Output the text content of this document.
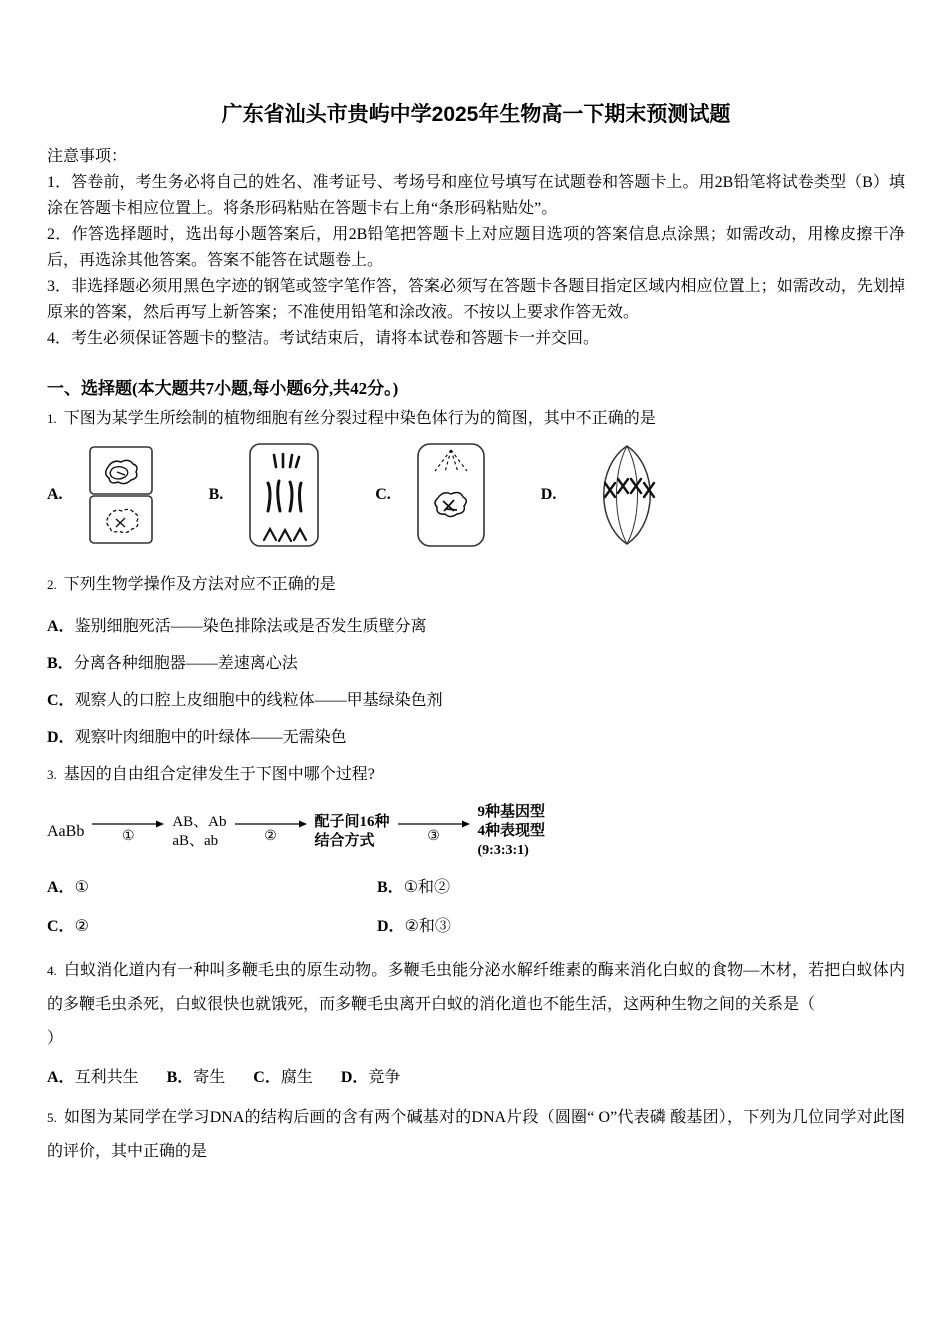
广东省汕头市贵屿中学2025年生物高一下期末预测试题

注意事项：

1．答卷前，考生务必将自己的姓名、准考证号、考场号和座位号填写在试题卷和答题卡上。用2B铅笔将试卷类型（B）填涂在答题卡相应位置上。将条形码粘贴在答题卡右上角“条形码粘贴处”。

2．作答选择题时，选出每小题答案后，用2B铅笔把答题卡上对应题目选项的答案信息点涂黑；如需改动，用橡皮擦干净后，再选涂其他答案。答案不能答在试题卷上。

3．非选择题必须用黑色字迹的钢笔或签字笔作答，答案必须写在答题卡各题目指定区域内相应位置上；如需改动，先划掉原来的答案，然后再写上新答案；不准使用铅笔和涂改液。不按以上要求作答无效。

4．考生必须保证答题卡的整洁。考试结束后，请将本试卷和答题卡一并交回。

一、选择题(本大题共7小题,每小题6分,共42分。)

1. 下图为某学生所绘制的植物细胞有丝分裂过程中染色体行为的简图，其中不正确的是

A.	B.	C.	D.

2. 下列生物学操作及方法对应不正确的是

A．鉴别细胞死活——染色排除法或是否发生质壁分离

B．分离各种细胞器——差速离心法

C．观察人的口腔上皮细胞中的线粒体——甲基绿染色剂

D．观察叶肉细胞中的叶绿体——无需染色

3. 基因的自由组合定律发生于下图中哪个过程?

AaBb	①
AB、Ab
aB、ab	②
配子间16种
结合方式	③
9种基因型
4种表现型
(9:3:3:1)
A．①	B．①和②
C．②	D．②和③

4. 白蚁消化道内有一种叫多鞭毛虫的原生动物。多鞭毛虫能分泌水解纤维素的酶来消化白蚁的食物—木材，若把白蚁体内的多鞭毛虫杀死，白蚁很快也就饿死，而多鞭毛虫离开白蚁的消化道也不能生活，这两种生物之间的关系是（

）

A．互利共生 B．寄生 C．腐生 D．竞争

5. 如图为某同学在学习DNA的结构后画的含有两个碱基对的DNA片段（圆圈“ O”代表磷 酸基团），下列为几位同学对此图的评价，其中正确的是
